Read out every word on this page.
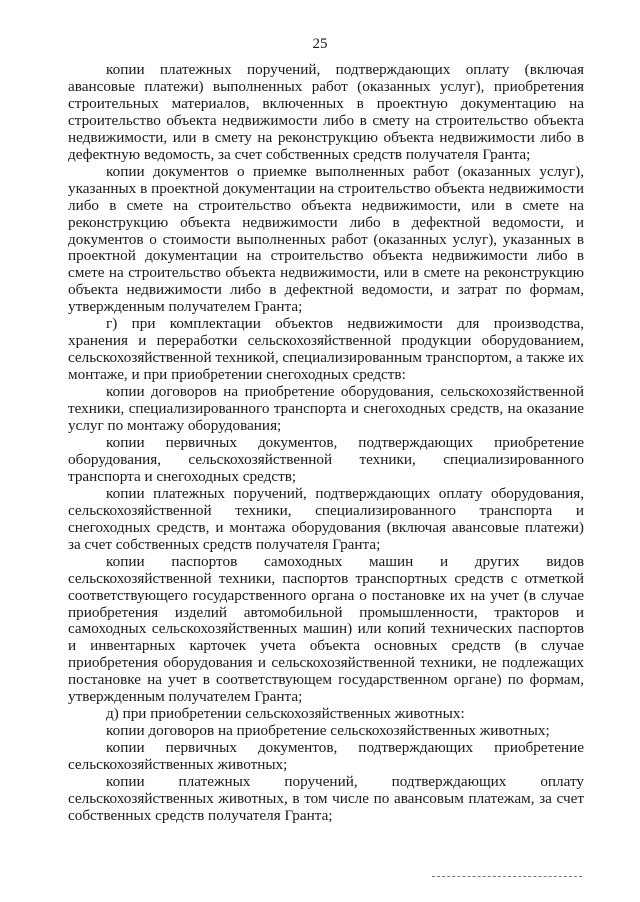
25

копии платежных поручений, подтверждающих оплату (включая авансовые платежи) выполненных работ (оказанных услуг), приобретения строительных материалов, включенных в проектную документацию на строительство объекта недвижимости либо в смету на строительство объекта недвижимости, или в смету на реконструкцию объекта недвижимости либо в дефектную ведомость, за счет собственных средств получателя Гранта;

копии документов о приемке выполненных работ (оказанных услуг), указанных в проектной документации на строительство объекта недвижимости либо в смете на строительство объекта недвижимости, или в смете на реконструкцию объекта недвижимости либо в дефектной ведомости, и документов о стоимости выполненных работ (оказанных услуг), указанных в проектной документации на строительство объекта недвижимости либо в смете на строительство объекта недвижимости, или в смете на реконструкцию объекта недвижимости либо в дефектной ведомости, и затрат по формам, утвержденным получателем Гранта;

г) при комплектации объектов недвижимости для производства, хранения и переработки сельскохозяйственной продукции оборудованием, сельскохозяйственной техникой, специализированным транспортом, а также их монтаже, и при приобретении снегоходных средств:

копии договоров на приобретение оборудования, сельскохозяйственной техники, специализированного транспорта и снегоходных средств, на оказание услуг по монтажу оборудования;

копии первичных документов, подтверждающих приобретение оборудования, сельскохозяйственной техники, специализированного транспорта и снегоходных средств;

копии платежных поручений, подтверждающих оплату оборудования, сельскохозяйственной техники, специализированного транспорта и снегоходных средств, и монтажа оборудования (включая авансовые платежи) за счет собственных средств получателя Гранта;

копии паспортов самоходных машин и других видов сельскохозяйственной техники, паспортов транспортных средств с отметкой соответствующего государственного органа о постановке их на учет (в случае приобретения изделий автомобильной промышленности, тракторов и самоходных сельскохозяйственных машин) или копий технических паспортов и инвентарных карточек учета объекта основных средств (в случае приобретения оборудования и сельскохозяйственной техники, не подлежащих постановке на учет в соответствующем государственном органе) по формам, утвержденным получателем Гранта;

д) при приобретении сельскохозяйственных животных:

копии договоров на приобретение сельскохозяйственных животных;

копии первичных документов, подтверждающих приобретение сельскохозяйственных животных;

копии платежных поручений, подтверждающих оплату сельскохозяйственных животных, в том числе по авансовым платежам, за счет собственных средств получателя Гранта;
